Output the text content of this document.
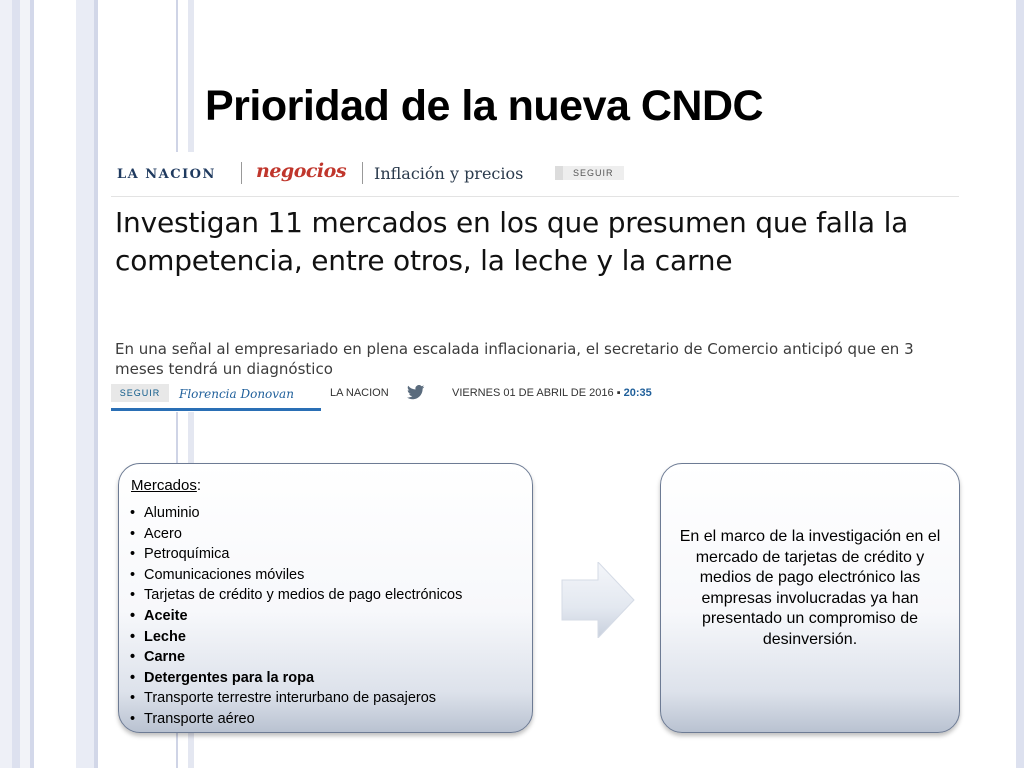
Prioridad de la nueva CNDC
LA NACION negocios Inflación y precios	SEGUIR
Investigan 11 mercados en los que presumen que falla la competencia, entre otros, la leche y la carne
En una señal al empresariado en plena escalada inflacionaria, el secretario de Comercio anticipó que en 3 meses tendrá un diagnóstico
SEGUIR	Florencia Donovan	LA NACION	VIERNES 01 DE ABRIL DE 2016 ▪ 20:35
Mercados:
• Aluminio
• Acero
• Petroquímica
• Comunicaciones móviles
• Tarjetas de crédito y medios de pago electrónicos
• Aceite
• Leche
• Carne
• Detergentes para la ropa
• Transporte terrestre interurbano de pasajeros
• Transporte aéreo
En el marco de la investigación en el mercado de tarjetas de crédito y medios de pago electrónico las empresas involucradas ya han presentado un compromiso de desinversión.
